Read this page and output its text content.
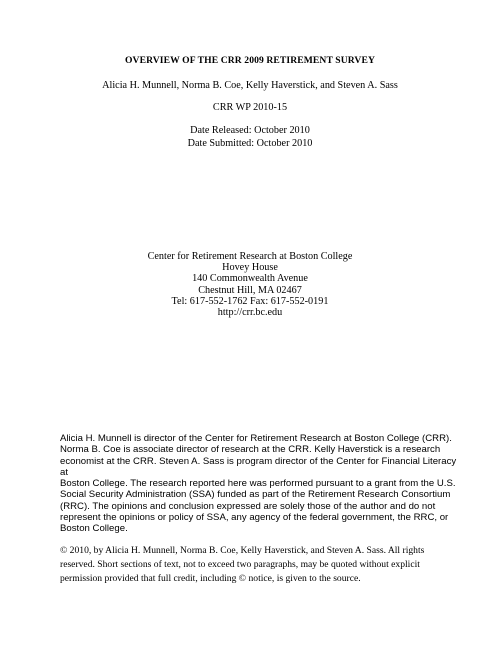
OVERVIEW OF THE CRR 2009 RETIREMENT SURVEY
Alicia H. Munnell, Norma B. Coe, Kelly Haverstick, and Steven A. Sass
CRR WP 2010-15
Date Released: October 2010
Date Submitted: October 2010
Center for Retirement Research at Boston College
Hovey House
140 Commonwealth Avenue
Chestnut Hill, MA 02467
Tel: 617-552-1762 Fax: 617-552-0191
http://crr.bc.edu
Alicia H. Munnell is director of the Center for Retirement Research at Boston College (CRR).
Norma B. Coe is associate director of research at the CRR. Kelly Haverstick is a research
economist at the CRR. Steven A. Sass is program director of the Center for Financial Literacy at
Boston College. The research reported here was performed pursuant to a grant from the U.S.
Social Security Administration (SSA) funded as part of the Retirement Research Consortium
(RRC). The opinions and conclusion expressed are solely those of the author and do not
represent the opinions or policy of SSA, any agency of the federal government, the RRC, or
Boston College.
© 2010, by Alicia H. Munnell, Norma B. Coe, Kelly Haverstick, and Steven A. Sass. All rights
reserved. Short sections of text, not to exceed two paragraphs, may be quoted without explicit
permission provided that full credit, including © notice, is given to the source.
